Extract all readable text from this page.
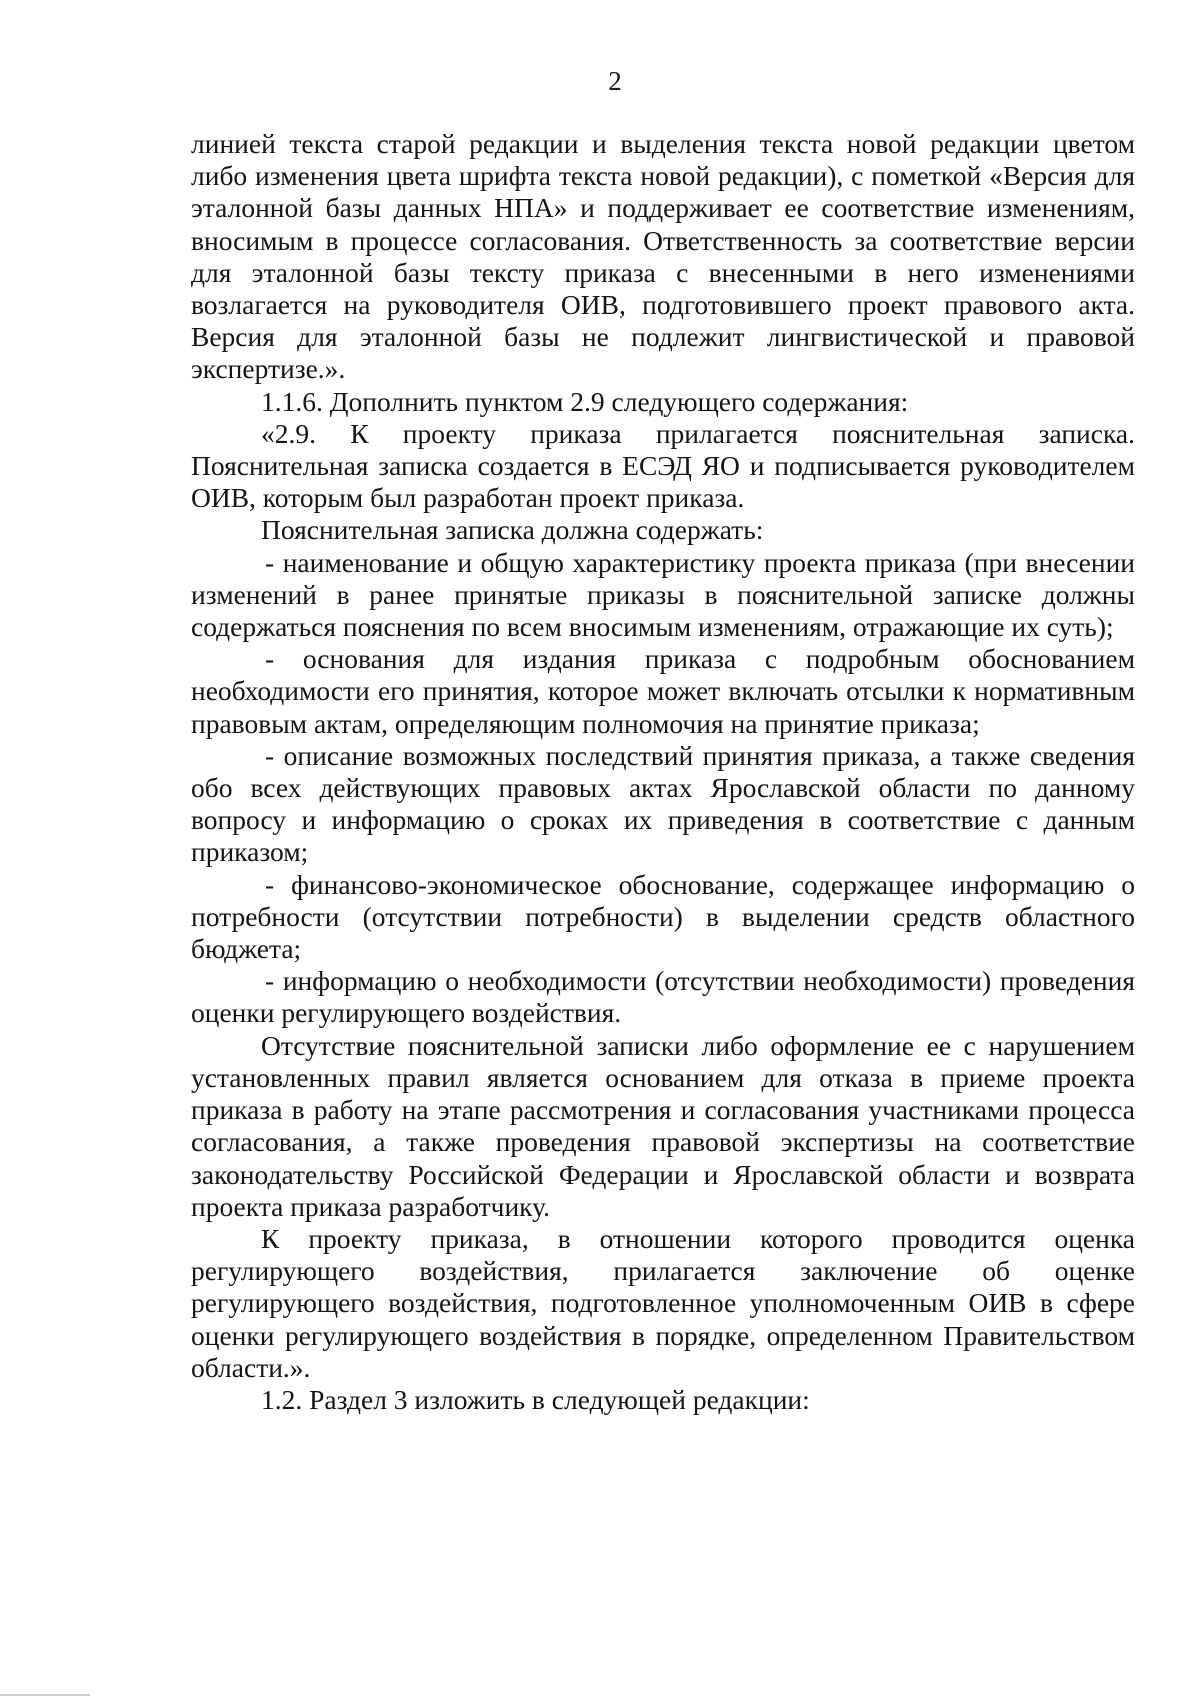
2

линией текста старой редакции и выделения текста новой редакции цветом либо изменения цвета шрифта текста новой редакции), с пометкой «Версия для эталонной базы данных НПА» и поддерживает ее соответствие изменениям, вносимым в процессе согласования. Ответственность за соответствие версии для эталонной базы тексту приказа с внесенными в него изменениями возлагается на руководителя ОИВ, подготовившего проект правового акта. Версия для эталонной базы не подлежит лингвистической и правовой экспертизе.».

1.1.6. Дополнить пунктом 2.9 следующего содержания:

«2.9. К проекту приказа прилагается пояснительная записка. Пояснительная записка создается в ЕСЭД ЯО и подписывается руководителем ОИВ, которым был разработан проект приказа.

Пояснительная записка должна содержать:

- наименование и общую характеристику проекта приказа (при внесении изменений в ранее принятые приказы в пояснительной записке должны содержаться пояснения по всем вносимым изменениям, отражающие их суть);

- основания для издания приказа с подробным обоснованием необходимости его принятия, которое может включать отсылки к нормативным правовым актам, определяющим полномочия на принятие приказа;

- описание возможных последствий принятия приказа, а также сведения обо всех действующих правовых актах Ярославской области по данному вопросу и информацию о сроках их приведения в соответствие с данным приказом;

- финансово-экономическое обоснование, содержащее информацию о потребности (отсутствии потребности) в выделении средств областного бюджета;

- информацию о необходимости (отсутствии необходимости) проведения оценки регулирующего воздействия.

Отсутствие пояснительной записки либо оформление ее с нарушением установленных правил является основанием для отказа в приеме проекта приказа в работу на этапе рассмотрения и согласования участниками процесса согласования, а также проведения правовой экспертизы на соответствие законодательству Российской Федерации и Ярославской области и возврата проекта приказа разработчику.

К проекту приказа, в отношении которого проводится оценка регулирующего воздействия, прилагается заключение об оценке регулирующего воздействия, подготовленное уполномоченным ОИВ в сфере оценки регулирующего воздействия в порядке, определенном Правительством области.».

1.2. Раздел 3 изложить в следующей редакции:
